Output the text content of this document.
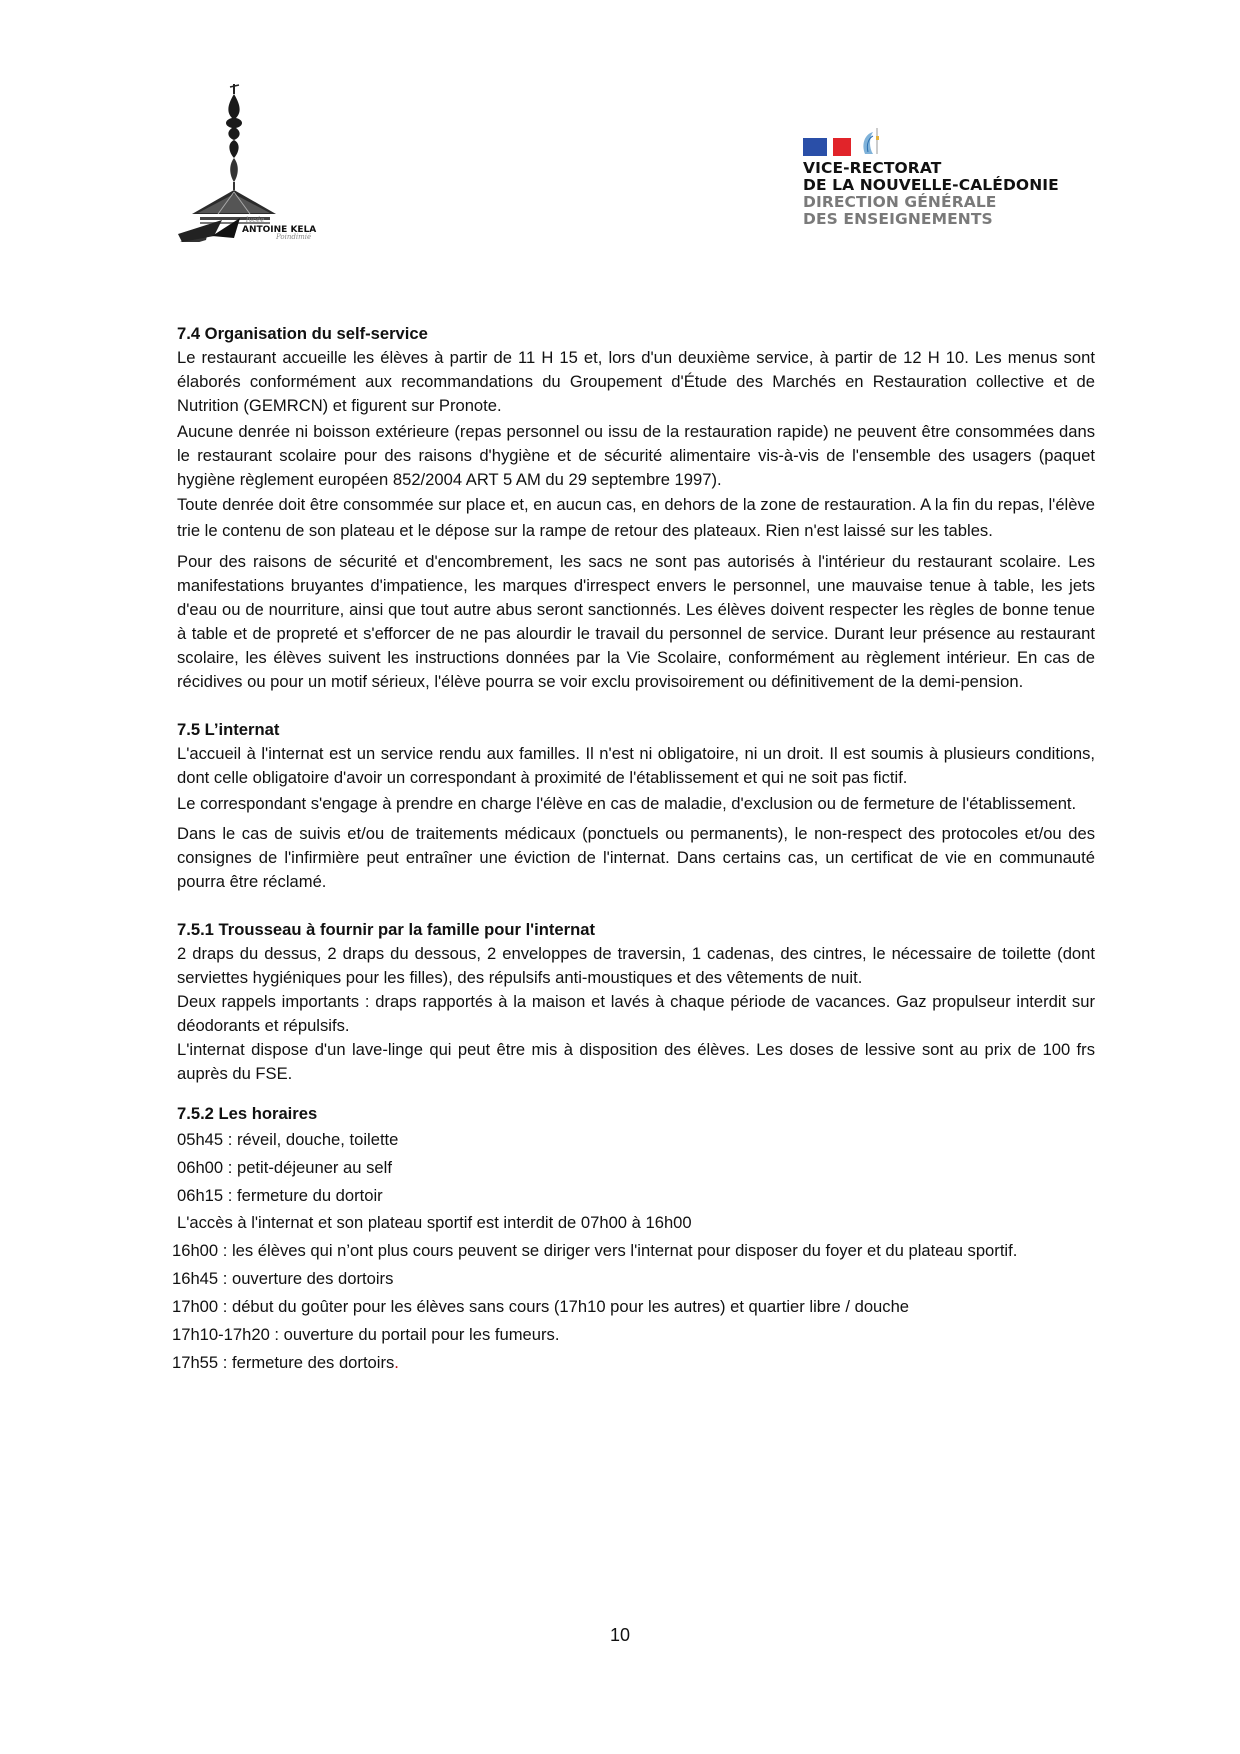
lycée
ANTOINE KELA
Poindimié
VICE-RECTORAT
DE LA NOUVELLE-CALÉDONIE
DIRECTION GÉNÉRALE
DES ENSEIGNEMENTS
7.4 Organisation du self-service

Le restaurant accueille les élèves à partir de 11 H 15 et, lors d'un deuxième service, à partir de 12 H 10. Les menus sont élaborés conformément aux recommandations du Groupement d'Étude des Marchés en Restauration collective et de Nutrition (GEMRCN) et figurent sur Pronote.

Aucune denrée ni boisson extérieure (repas personnel ou issu de la restauration rapide) ne peuvent être consommées dans le restaurant scolaire pour des raisons d'hygiène et de sécurité alimentaire vis-à-vis de l'ensemble des usagers (paquet hygiène règlement européen 852/2004 ART 5 AM du 29 septembre 1997).

Toute denrée doit être consommée sur place et, en aucun cas, en dehors de la zone de restauration. A la fin du repas, l'élève trie le contenu de son plateau et le dépose sur la rampe de retour des plateaux. Rien n'est laissé sur les tables.

Pour des raisons de sécurité et d'encombrement, les sacs ne sont pas autorisés à l'intérieur du restaurant scolaire. Les manifestations bruyantes d'impatience, les marques d'irrespect envers le personnel, une mauvaise tenue à table, les jets d'eau ou de nourriture, ainsi que tout autre abus seront sanctionnés. Les élèves doivent respecter les règles de bonne tenue à table et de propreté et s'efforcer de ne pas alourdir le travail du personnel de service. Durant leur présence au restaurant scolaire, les élèves suivent les instructions données par la Vie Scolaire, conformément au règlement intérieur. En cas de récidives ou pour un motif sérieux, l'élève pourra se voir exclu provisoirement ou définitivement de la demi-pension.

7.5 L’internat

L'accueil à l'internat est un service rendu aux familles. Il n'est ni obligatoire, ni un droit. Il est soumis à plusieurs conditions, dont celle obligatoire d'avoir un correspondant à proximité de l'établissement et qui ne soit pas fictif.

Le correspondant s'engage à prendre en charge l'élève en cas de maladie, d'exclusion ou de fermeture de l'établissement.

Dans le cas de suivis et/ou de traitements médicaux (ponctuels ou permanents), le non-respect des protocoles et/ou des consignes de l'infirmière peut entraîner une éviction de l'internat. Dans certains cas, un certificat de vie en communauté pourra être réclamé.

7.5.1 Trousseau à fournir par la famille pour l'internat

2 draps du dessus, 2 draps du dessous, 2 enveloppes de traversin, 1 cadenas, des cintres, le nécessaire de toilette (dont serviettes hygiéniques pour les filles), des répulsifs anti-moustiques et des vêtements de nuit.

Deux rappels importants : draps rapportés à la maison et lavés à chaque période de vacances. Gaz propulseur interdit sur déodorants et répulsifs.

L'internat dispose d'un lave-linge qui peut être mis à disposition des élèves. Les doses de lessive sont au prix de 100 frs auprès du FSE.

7.5.2 Les horaires

05h45 : réveil, douche, toilette

06h00 : petit-déjeuner au self

06h15 : fermeture du dortoir

L'accès à l'internat et son plateau sportif est interdit de 07h00 à 16h00

16h00 : les élèves qui n’ont plus cours peuvent se diriger vers l'internat pour disposer du foyer et du plateau sportif.

16h45 : ouverture des dortoirs

17h00 : début du goûter pour les élèves sans cours (17h10 pour les autres) et quartier libre / douche

17h10-17h20 : ouverture du portail pour les fumeurs.

17h55 : fermeture des dortoirs.

10
